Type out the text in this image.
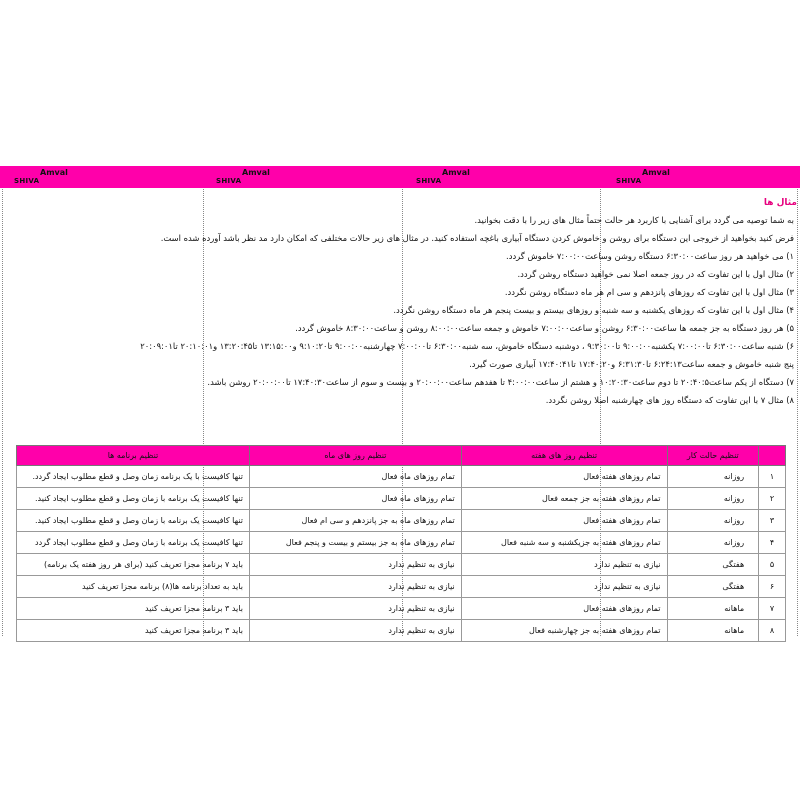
Amval
SHIVA
Amval
SHIVA
Amval
SHIVA
Amval
SHIVA
مثال ها
به شما توصیه می گردد برای آشنایی با کاربرد هر حالت حتماً مثال های زیر را با دقت بخوانید.
فرض کنید بخواهید از خروجی این دستگاه برای روشن و خاموش کردن دستگاه آبیاری باغچه استفاده کنید. در مثال های زیر حالات مختلفی که امکان دارد مد نظر باشد آورده شده است.
۱) می خواهید هر روز ساعت۶:۳۰:۰۰ دستگاه روشن وساعت۷:۰۰:۰۰ خاموش گردد.
۲) مثال اول با این تفاوت که در روز جمعه اصلا نمی خواهید دستگاه روشن گردد.
۳) مثال اول با این تفاوت که روزهای پانزدهم و سی ام هر ماه دستگاه روشن نگردد.
۴) مثال اول با این تفاوت که روزهای یکشنبه و سه شنبه و روزهای بیستم و بیست پنجم هر ماه دستگاه روشن نگردد.
۵) هر روز دستگاه به جز جمعه ها ساعت۶:۳۰:۰۰ روشن و ساعت۷:۰۰:۰۰ خاموش و جمعه ساعت۸:۰۰:۰۰ روشن و ساعت۸:۳۰:۰۰ خاموش گردد.
۶) شنبه ساعت۶:۳۰:۰۰ تا۷:۰۰:۰۰ یکشنبه۹:۰۰:۰۰ تا۹:۳۰:۰۰ ، دوشنبه دستگاه خاموش، سه شنبه۶:۳۰:۰۰ تا۷:۰۰:۰۰ چهارشنبه۹:۰۰:۰۰ تا۹:۱۰:۲۰ و۱۳:۱۵:۰۰ تا۱۳:۲۰:۴۵ و۲۰:۱۰:۰۱ تا۲۰:۰۹:۰۱
پنج شنبه خاموش و جمعه ساعت۶:۲۴:۱۳ تا۶:۳۱:۳۰ و۱۷:۴۰:۲۰ تا۱۷:۴۰:۴۱ آبیاری صورت گیرد.
۷) دستگاه از یکم ساعت۲۰:۴۰:۵ تا دوم ساعت۱۰:۲۰:۳۰ و هشتم از ساعت۴:۰۰:۰۰ تا هفدهم ساعت۲۰:۰۰:۰۰ و بیست و سوم از ساعت۱۷:۴۰:۳۰ تا۲۰:۰۰:۰۰ روشن باشد.
۸) مثال ۷ با این تفاوت که دستگاه روز های چهارشنبه اصلا روشن نگردد.
	تنظیم حالت کار	تنظیم روز های هفته	تنظیم روز های ماه	تنظیم برنامه ها
۱	روزانه	تمام روزهای هفته فعال	تمام روزهای ماه فعال	تنها کافیست با یک برنامه زمان وصل و قطع مطلوب ایجاد گردد.
۲	روزانه	تمام روزهای هفته به جز جمعه فعال	تمام روزهای ماه فعال	تنها کافیست یک برنامه با زمان وصل و قطع مطلوب ایجاد کنید.
۳	روزانه	تمام روزهای هفته فعال	تمام روزهای ماه به جز پانزدهم و سی ام فعال	تنها کافیست یک برنامه با زمان وصل و قطع مطلوب ایجاد کنید.
۴	روزانه	تمام روزهای هفته به جزیکشنبه و سه شنبه فعال	تمام روزهای ماه به جز بیستم و بیست و پنجم فعال	تنها کافیست یک برنامه با زمان وصل و قطع مطلوب ایجاد گردد
۵	هفتگی	نیازی به تنظیم ندارد	نیازی به تنظیم ندارد	باید ۷ برنامه مجزا تعریف کنید (برای هر روز هفته یک برنامه)
۶	هفتگی	نیازی به تنظیم ندارد	نیازی به تنظیم ندارد	باید به تعداد برنامه ها(۸) برنامه مجزا تعریف کنید
۷	ماهانه	تمام روزهای هفته فعال	نیازی به تنظیم ندارد	باید ۳ برنامه مجزا تعریف کنید
۸	ماهانه	تمام روزهای هفته به جز چهارشنبه فعال	نیازی به تنظیم ندارد	باید ۳ برنامه مجزا تعریف کنید
